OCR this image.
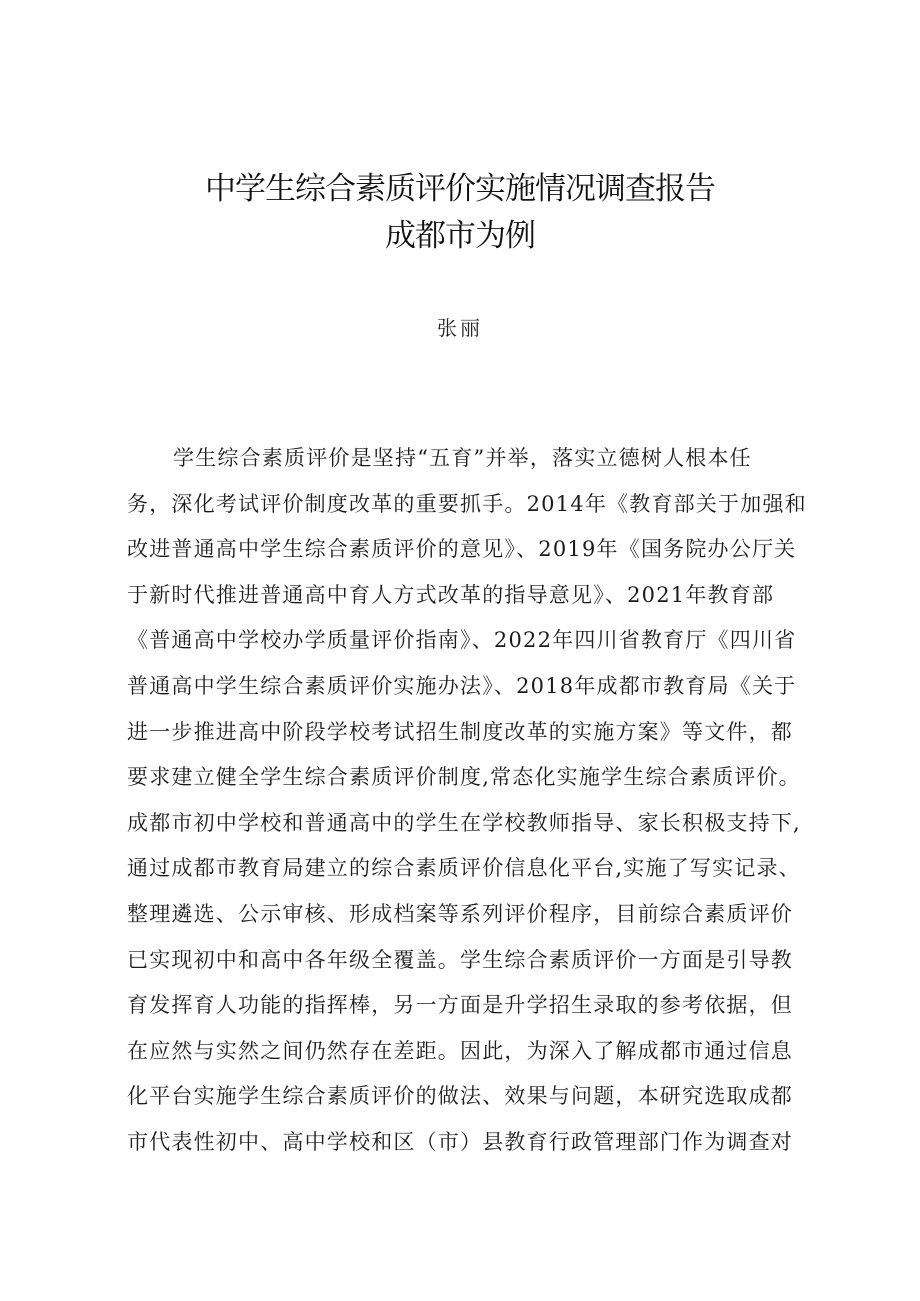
中学生综合素质评价实施情况调查报告
成都市为例
张丽
学生综合素质评价是坚持“五育”并举，落实立德树人根本任
务，深化考试评价制度改革的重要抓手。2014年《教育部关于加强和
改进普通高中学生综合素质评价的意见》、2019年《国务院办公厅关
于新时代推进普通高中育人方式改革的指导意见》、2021年教育部
《普通高中学校办学质量评价指南》、2022年四川省教育厅《四川省
普通高中学生综合素质评价实施办法》、2018年成都市教育局《关于
进一步推进高中阶段学校考试招生制度改革的实施方案》等文件，都
要求建立健全学生综合素质评价制度,常态化实施学生综合素质评价。
成都市初中学校和普通高中的学生在学校教师指导、家长积极支持下,
通过成都市教育局建立的综合素质评价信息化平台,实施了写实记录、
整理遴选、公示审核、形成档案等系列评价程序，目前综合素质评价
已实现初中和高中各年级全覆盖。学生综合素质评价一方面是引导教
育发挥育人功能的指挥棒，另一方面是升学招生录取的参考依据，但
在应然与实然之间仍然存在差距。因此，为深入了解成都市通过信息
化平台实施学生综合素质评价的做法、效果与问题，本研究选取成都
市代表性初中、高中学校和区（市）县教育行政管理部门作为调查对
